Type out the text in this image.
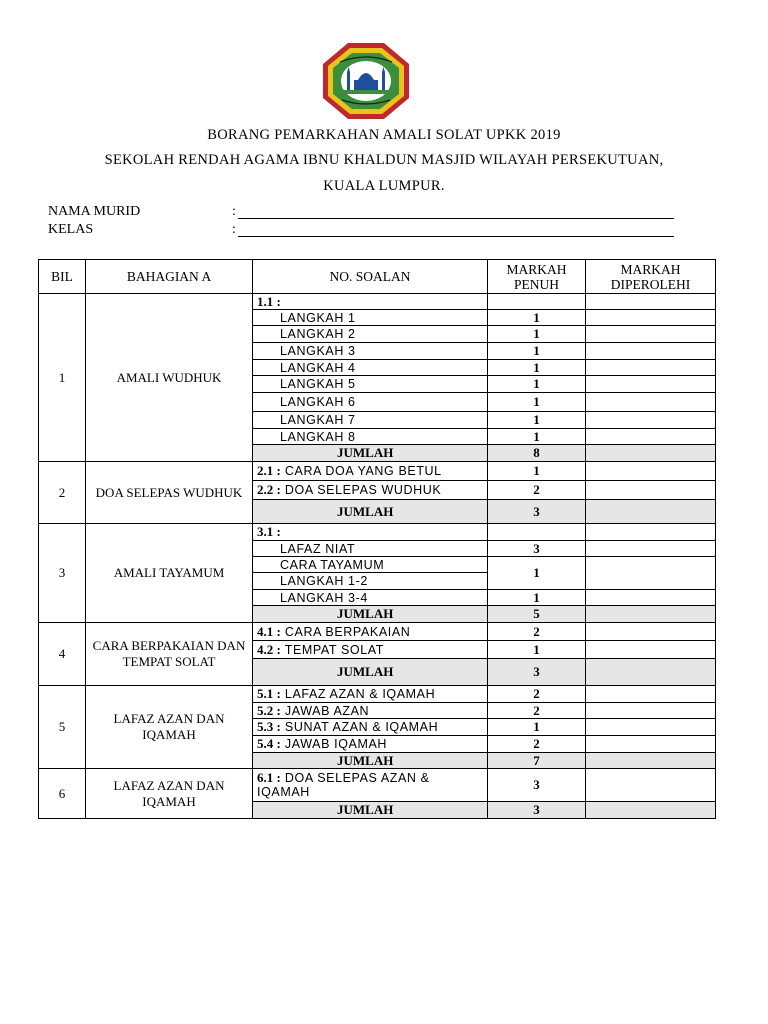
BORANG PEMARKAHAN AMALI SOLAT UPKK 2019
SEKOLAH RENDAH AGAMA IBNU KHALDUN MASJID WILAYAH PERSEKUTUAN,
KUALA LUMPUR.
NAMA MURID	:
KELAS	:
BIL	BAHAGIAN A	NO. SOALAN	MARKAH PENUH	MARKAH DIPEROLEHI
1	AMALI WUDHUK	1.1 :		
		LANGKAH 1	1	
		LANGKAH 2	1	
		LANGKAH 3	1	
		LANGKAH 4	1	
		LANGKAH 5	1	
		LANGKAH 6	1	
		LANGKAH 7	1	
		LANGKAH 8	1	
		JUMLAH	8	
2	DOA SELEPAS WUDHUK	2.1 : CARA DOA YANG BETUL	1	
		2.2 : DOA SELEPAS WUDHUK	2	
		JUMLAH	3	
3	AMALI TAYAMUM	3.1 :		
		LAFAZ NIAT	3	
		CARA TAYAMUM	1	
		LANGKAH 1-2		
		LANGKAH 3-4	1	
		JUMLAH	5	
4	CARA BERPAKAIAN DAN TEMPAT SOLAT	4.1 : CARA BERPAKAIAN	2	
		4.2 : TEMPAT SOLAT	1	
		JUMLAH	3	
5	LAFAZ AZAN DAN IQAMAH	5.1 : LAFAZ AZAN & IQAMAH	2	
		5.2 : JAWAB AZAN	2	
		5.3 : SUNAT AZAN & IQAMAH	1	
		5.4 : JAWAB IQAMAH	2	
		JUMLAH	7	
6	LAFAZ AZAN DAN IQAMAH	6.1 : DOA SELEPAS AZAN & IQAMAH	3	
		JUMLAH	3	
